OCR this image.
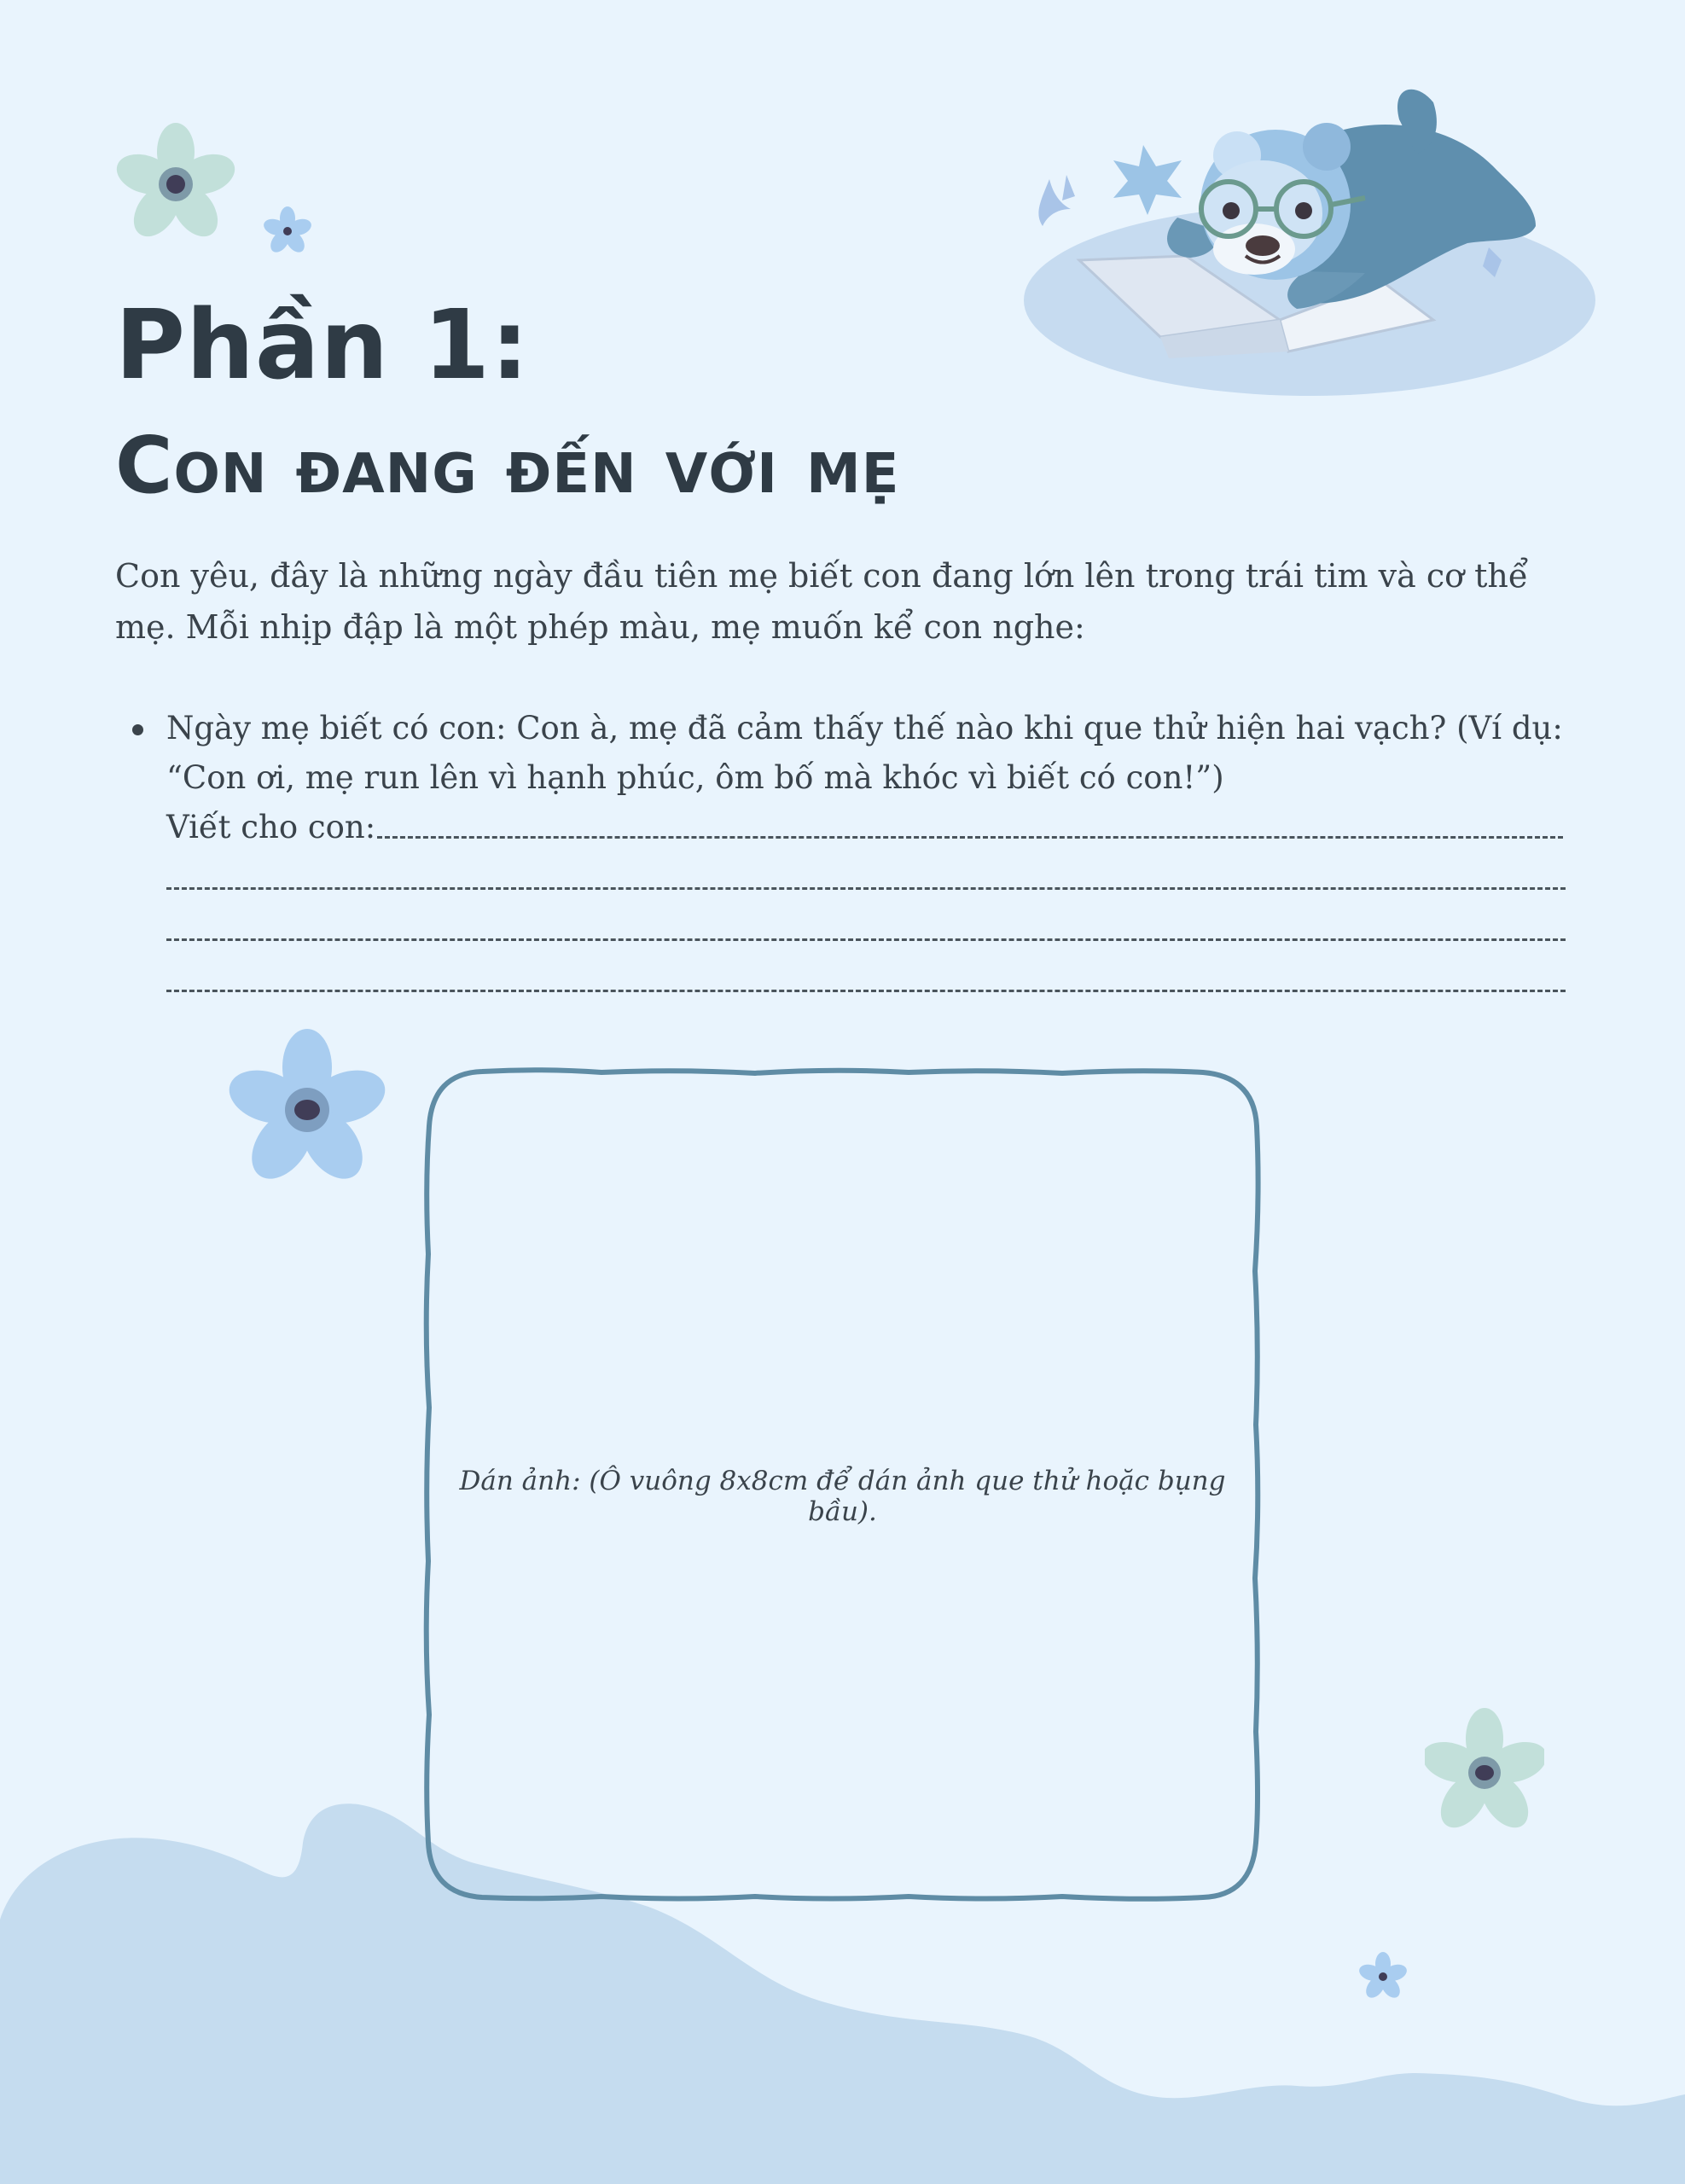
Phần 1:
Con đang đến với mẹ

Con yêu, đây là những ngày đầu tiên mẹ biết con đang lớn lên trong trái tim và cơ thể mẹ. Mỗi nhịp đập là một phép màu, mẹ muốn kể con nghe:

Ngày mẹ biết có con: Con à, mẹ đã cảm thấy thế nào khi que thử hiện hai vạch? (Ví dụ: “Con ơi, mẹ run lên vì hạnh phúc, ôm bố mà khóc vì biết có con!”)

Viết cho con:

Dán ảnh: (Ô vuông 8x8cm để dán ảnh que thử hoặc bụng bầu).
